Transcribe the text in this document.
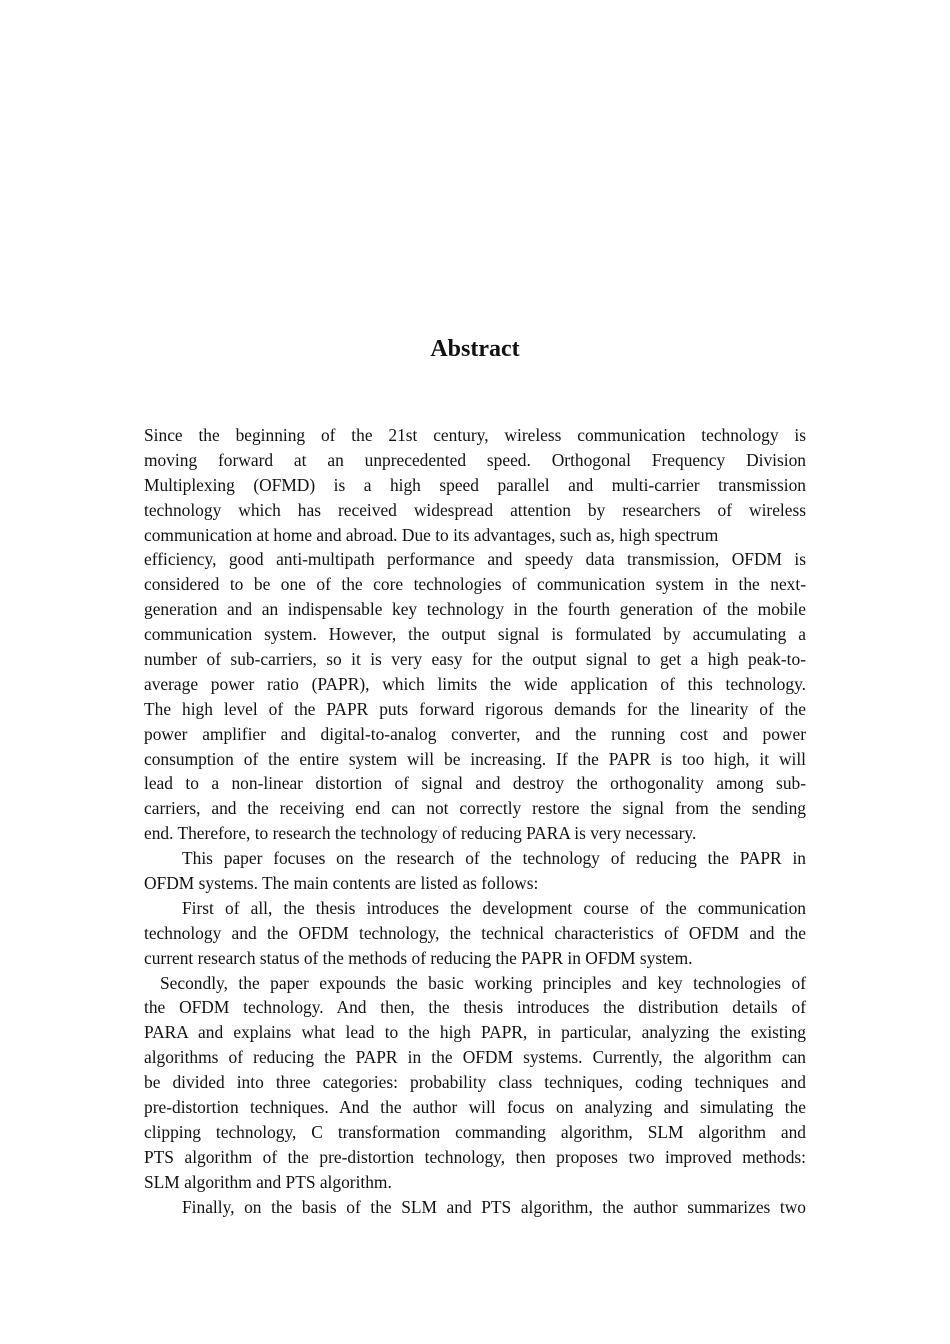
Abstract
Since the beginning of the 21st century, wireless communication technology is
moving forward at an unprecedented speed. Orthogonal Frequency Division
Multiplexing (OFMD) is a high speed parallel and multi-carrier transmission
technology which has received widespread attention by researchers of wireless
communication at home and abroad. Due to its advantages, such as, high spectrum
efficiency, good anti-multipath performance and speedy data transmission, OFDM is
considered to be one of the core technologies of communication system in the next-
generation and an indispensable key technology in the fourth generation of the mobile
communication system. However, the output signal is formulated by accumulating a
number of sub-carriers, so it is very easy for the output signal to get a high peak-to-
average power ratio (PAPR), which limits the wide application of this technology.
The high level of the PAPR puts forward rigorous demands for the linearity of the
power amplifier and digital-to-analog converter, and the running cost and power
consumption of the entire system will be increasing. If the PAPR is too high, it will
lead to a non-linear distortion of signal and destroy the orthogonality among sub-
carriers, and the receiving end can not correctly restore the signal from the sending
end. Therefore, to research the technology of reducing PARA is very necessary.
This paper focuses on the research of the technology of reducing the PAPR in
OFDM systems. The main contents are listed as follows:
First of all, the thesis introduces the development course of the communication
technology and the OFDM technology, the technical characteristics of OFDM and the
current research status of the methods of reducing the PAPR in OFDM system.
Secondly, the paper expounds the basic working principles and key technologies of
the OFDM technology. And then, the thesis introduces the distribution details of
PARA and explains what lead to the high PAPR, in particular, analyzing the existing
algorithms of reducing the PAPR in the OFDM systems. Currently, the algorithm can
be divided into three categories: probability class techniques, coding techniques and
pre-distortion techniques. And the author will focus on analyzing and simulating the
clipping technology, C transformation commanding algorithm, SLM algorithm and
PTS algorithm of the pre-distortion technology, then proposes two improved methods:
SLM algorithm and PTS algorithm.
Finally, on the basis of the SLM and PTS algorithm, the author summarizes two
